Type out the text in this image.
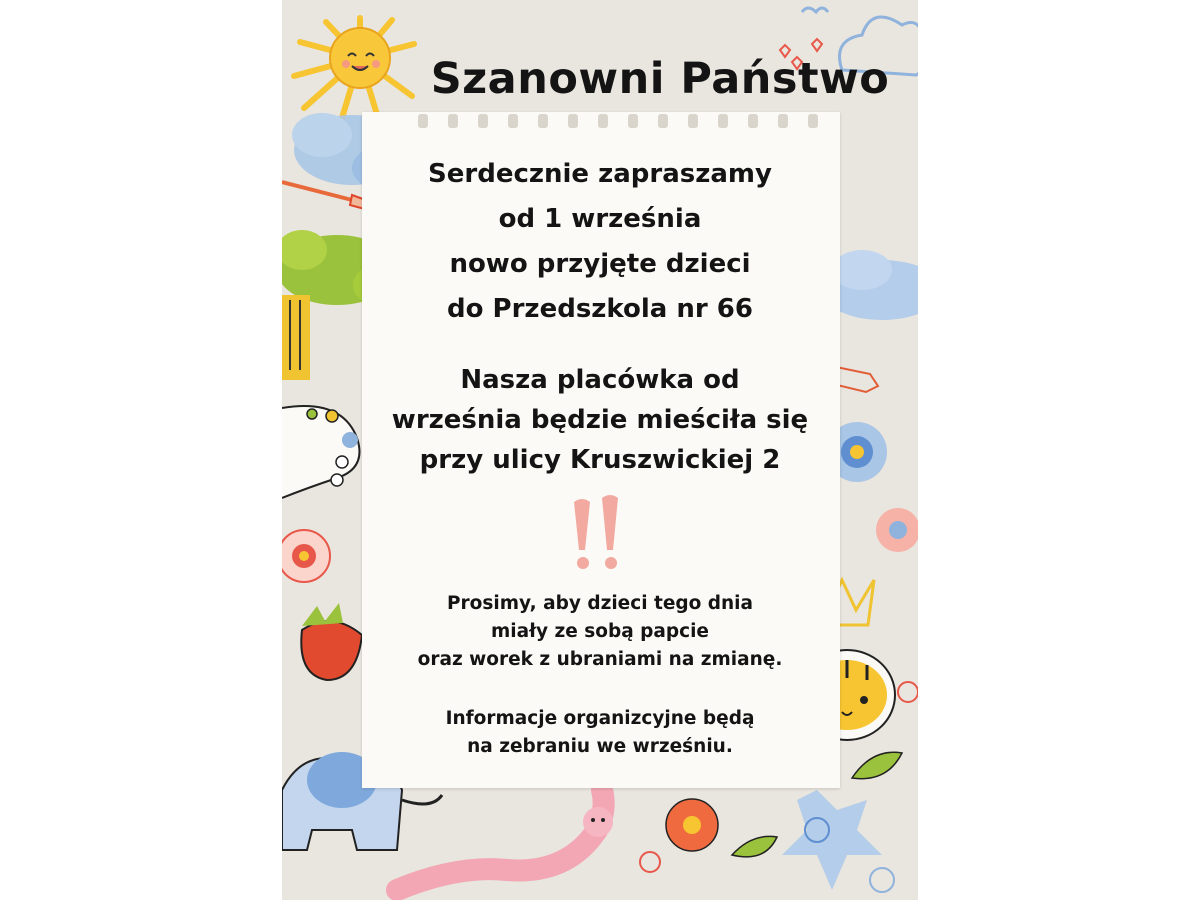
Szanowni Państwo
Serdecznie zapraszamy
od 1 września
nowo przyjęte dzieci
do Przedszkola nr 66
Nasza placówka od
września będzie mieściła się
przy ulicy Kruszwickiej 2
Prosimy, aby dzieci tego dnia
miały ze sobą papcie
oraz worek z ubraniami na zmianę.
Informacje organizcyjne będą
na zebraniu we wrześniu.
